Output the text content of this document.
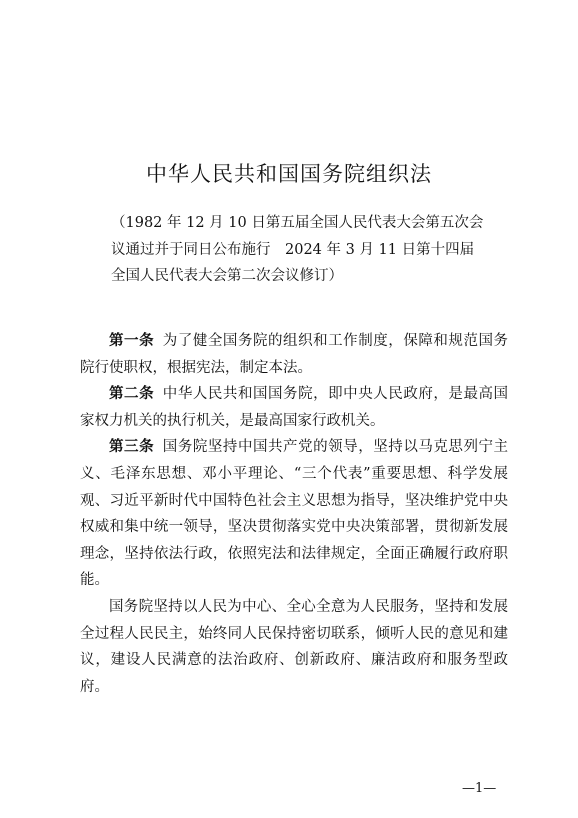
中华人民共和国国务院组织法
（1982 年 12 月 10 日第五届全国人民代表大会第五次会
议通过并于同日公布施行　2024 年 3 月 11 日第十四届
全国人民代表大会第二次会议修订）

第一条 为了健全国务院的组织和工作制度，保障和规范国务院行使职权，根据宪法，制定本法。

第二条 中华人民共和国国务院，即中央人民政府，是最高国家权力机关的执行机关，是最高国家行政机关。

第三条 国务院坚持中国共产党的领导，坚持以马克思列宁主义、毛泽东思想、邓小平理论、“三个代表”重要思想、科学发展观、习近平新时代中国特色社会主义思想为指导，坚决维护党中央权威和集中统一领导，坚决贯彻落实党中央决策部署，贯彻新发展理念，坚持依法行政，依照宪法和法律规定，全面正确履行政府职能。

国务院坚持以人民为中心、全心全意为人民服务，坚持和发展全过程人民民主，始终同人民保持密切联系，倾听人民的意见和建议，建设人民满意的法治政府、创新政府、廉洁政府和服务型政府。

—1—
